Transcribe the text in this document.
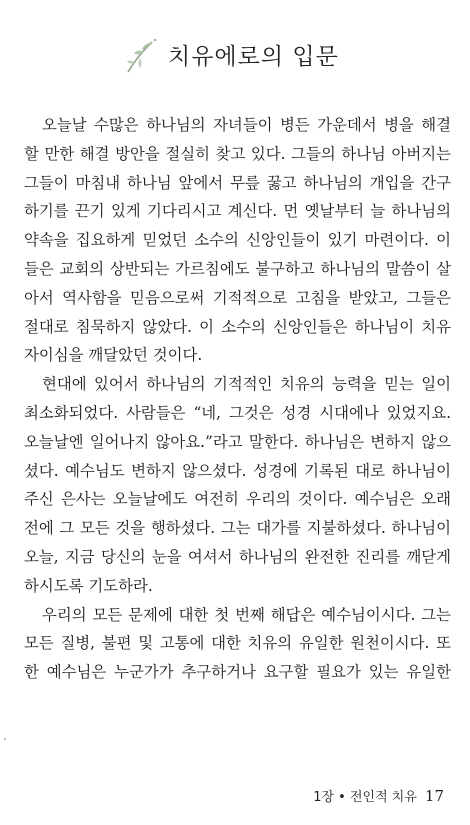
치유에로의 입문
오늘날 수많은 하나님의 자녀들이 병든 가운데서 병을 해결
할 만한 해결 방안을 절실히 찾고 있다. 그들의 하나님 아버지는
그들이 마침내 하나님 앞에서 무릎 꿇고 하나님의 개입을 간구
하기를 끈기 있게 기다리시고 계신다. 먼 옛날부터 늘 하나님의
약속을 집요하게 믿었던 소수의 신앙인들이 있기 마련이다. 이
들은 교회의 상반되는 가르침에도 불구하고 하나님의 말씀이 살
아서 역사함을 믿음으로써 기적적으로 고침을 받았고, 그들은
절대로 침묵하지 않았다. 이 소수의 신앙인들은 하나님이 치유
자이심을 깨달았던 것이다.
현대에 있어서 하나님의 기적적인 치유의 능력을 믿는 일이
최소화되었다. 사람들은 “네, 그것은 성경 시대에나 있었지요.
오늘날엔 일어나지 않아요.”라고 말한다. 하나님은 변하지 않으
셨다. 예수님도 변하지 않으셨다. 성경에 기록된 대로 하나님이
주신 은사는 오늘날에도 여전히 우리의 것이다. 예수님은 오래
전에 그 모든 것을 행하셨다. 그는 대가를 지불하셨다. 하나님이
오늘, 지금 당신의 눈을 여셔서 하나님의 완전한 진리를 깨닫게
하시도록 기도하라.
우리의 모든 문제에 대한 첫 번째 해답은 예수님이시다. 그는
모든 질병, 불편 및 고통에 대한 치유의 유일한 원천이시다. 또
한 예수님은 누군가가 추구하거나 요구할 필요가 있는 유일한
1장 • 전인적 치유 17
